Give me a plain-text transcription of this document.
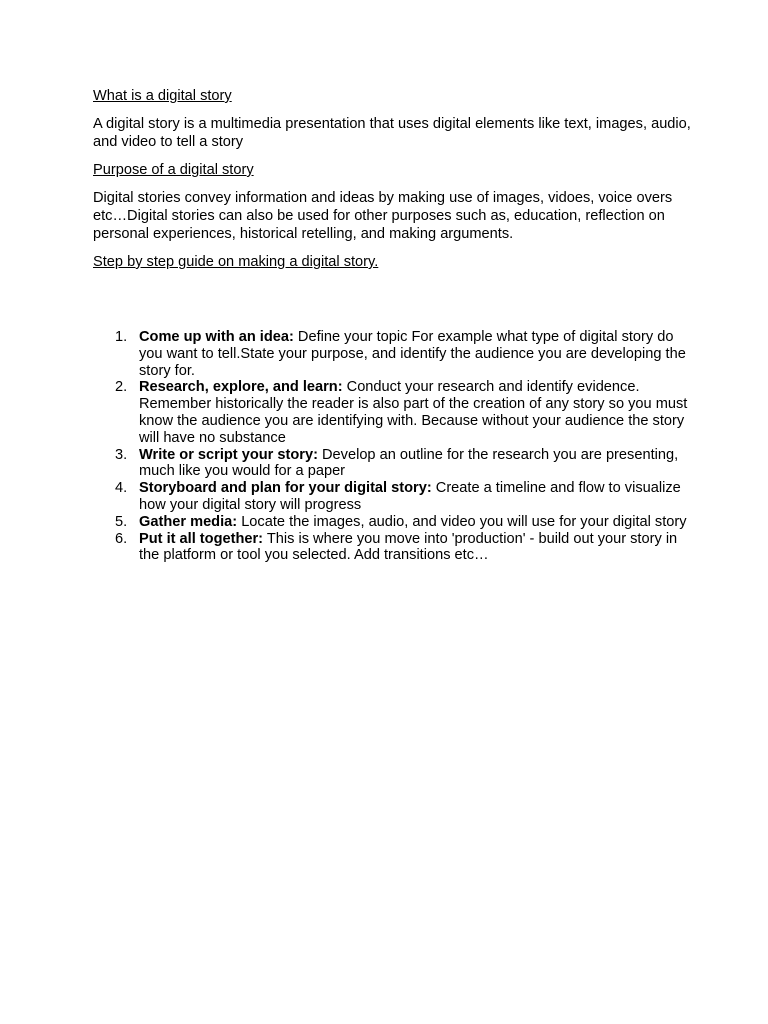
What is a digital story
A digital story is a multimedia presentation that uses digital elements like text, images, audio, and video to tell a story
Purpose of a digital story
Digital stories convey information and ideas by making use of images, vidoes, voice overs etc…Digital stories can also be used for other purposes such as, education, reflection on personal experiences, historical retelling, and making arguments.
Step by step guide on making a digital story.
1. Come up with an idea: Define your topic For example what type of digital story do you want to tell.State your purpose, and identify the audience you are developing the story for.
2. Research, explore, and learn: Conduct your research and identify evidence. Remember historically the reader is also part of the creation of any story so you must know the audience you are identifying with. Because without your audience the story will have no substance
3. Write or script your story: Develop an outline for the research you are presenting, much like you would for a paper
4. Storyboard and plan for your digital story: Create a timeline and flow to visualize how your digital story will progress
5. Gather media: Locate the images, audio, and video you will use for your digital story
6. Put it all together: This is where you move into 'production' - build out your story in the platform or tool you selected. Add transitions etc…
